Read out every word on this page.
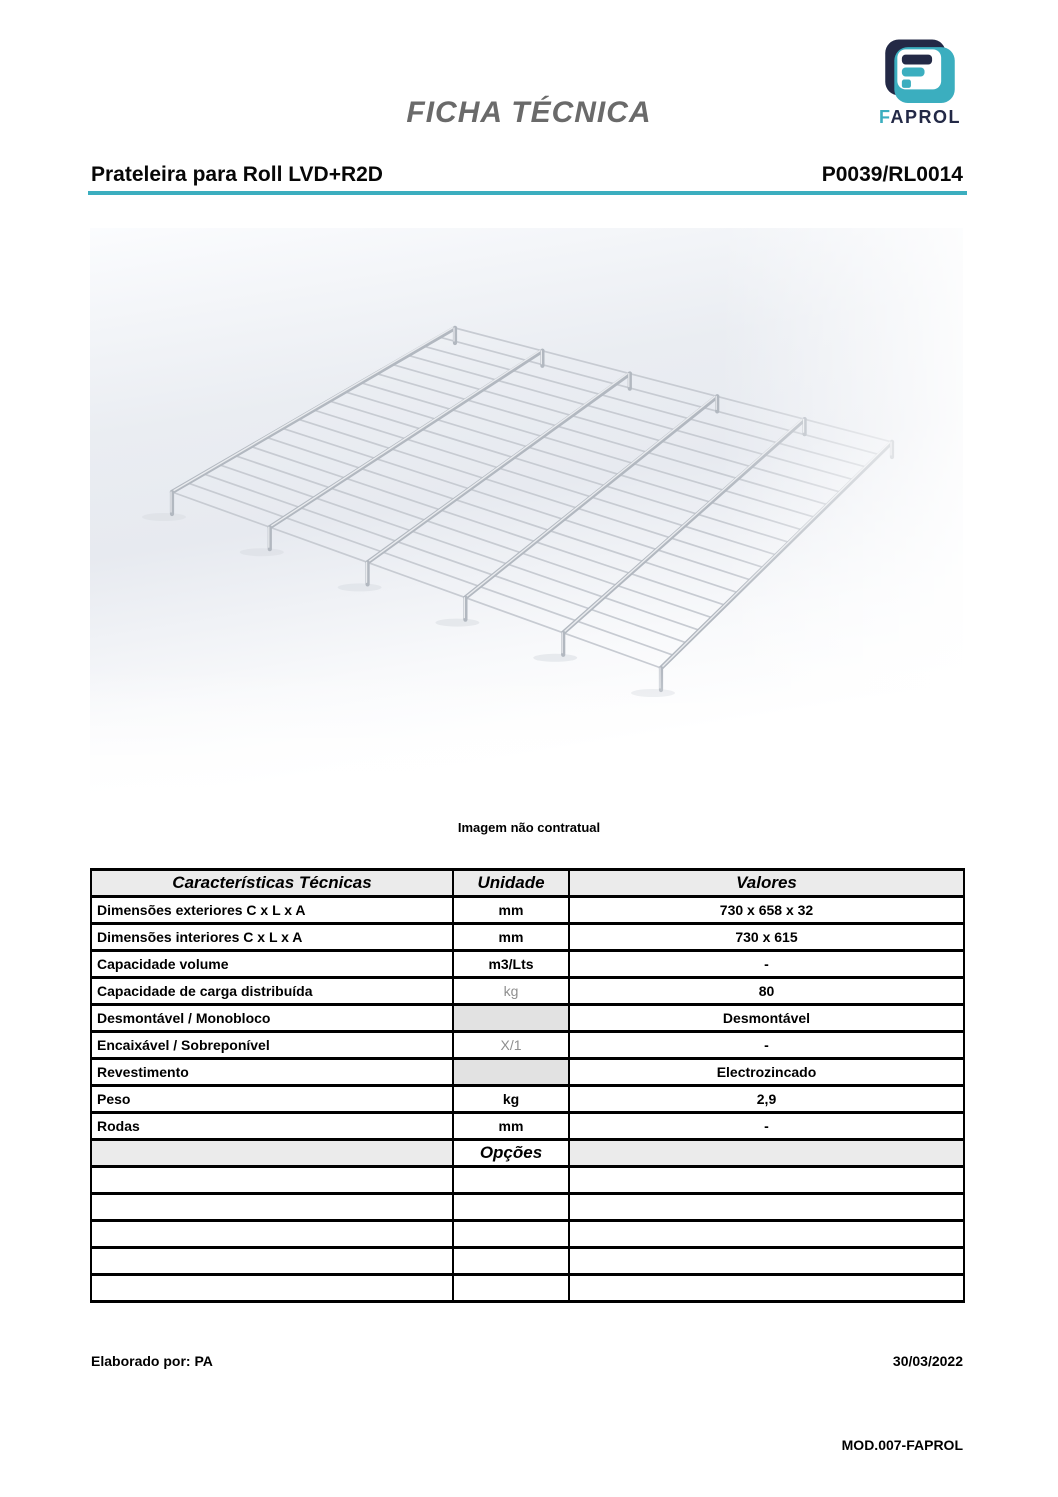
FAPROL
FICHA TÉCNICA
Prateleira para Roll LVD+R2D	P0039/RL0014
Imagem não contratual
Características Técnicas	Unidade	Valores
Dimensões exteriores C x L x A	mm	730 x 658 x 32
Dimensões interiores C x L x A	mm	730 x 615
Capacidade volume	m3/Lts	-
Capacidade de carga distribuída	kg	80
Desmontável / Monobloco		Desmontável
Encaixável / Sobreponível	X/1	-
Revestimento		Electrozincado
Peso	kg	2,9
Rodas	mm	-
	Opções	

Elaborado por: PA	30/03/2022
MOD.007-FAPROL
